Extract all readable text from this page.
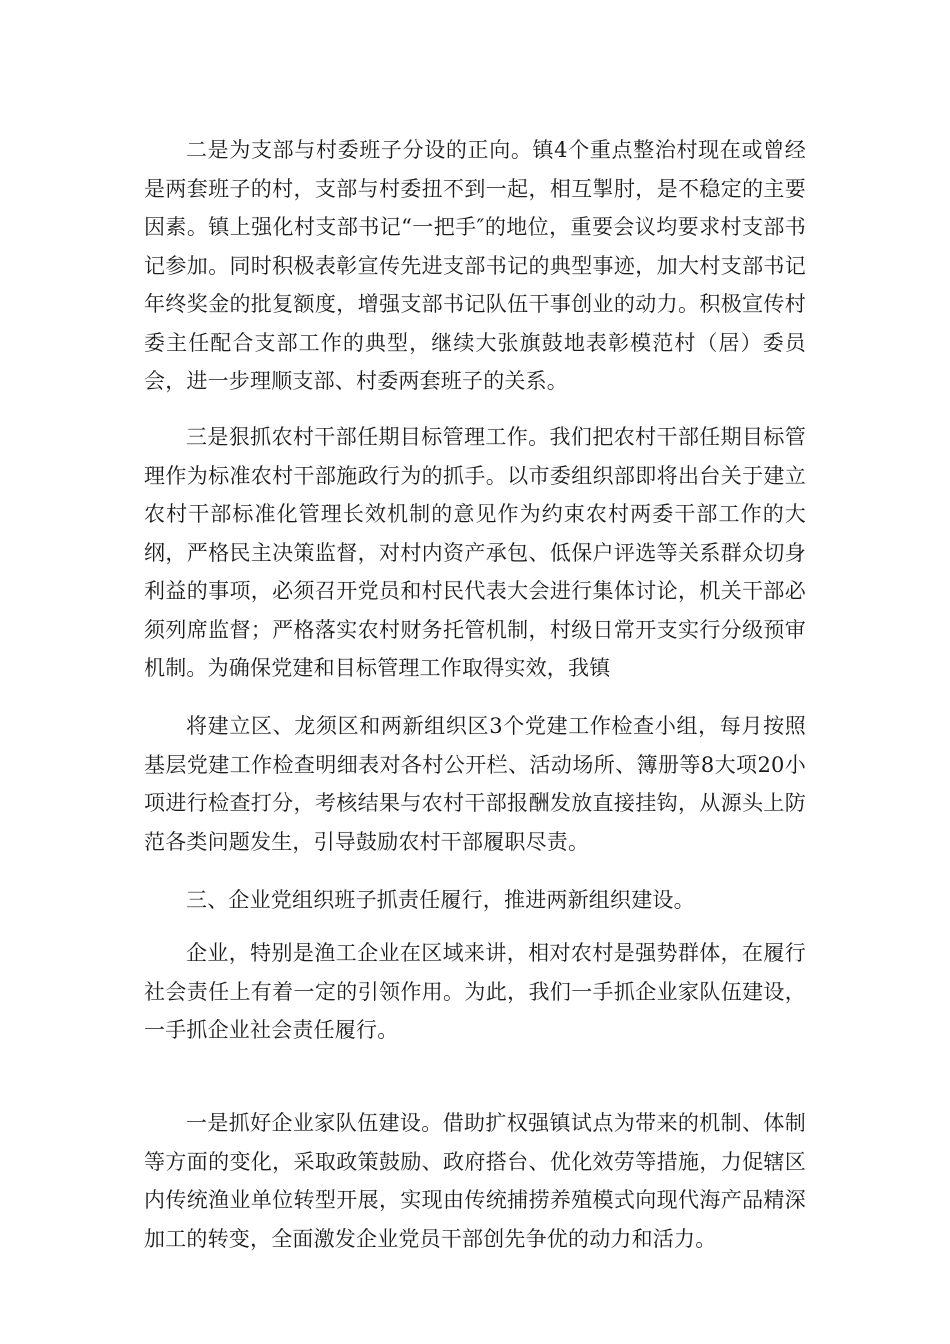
二是为支部与村委班子分设的正向。镇4个重点整治村现在或曾经是两套班子的村，支部与村委扭不到一起，相互掣肘，是不稳定的主要因素。镇上强化村支部书记“一把手″的地位，重要会议均要求村支部书记参加。同时积极表彰宣传先进支部书记的典型事迹，加大村支部书记年终奖金的批复额度，增强支部书记队伍干事创业的动力。积极宣传村委主任配合支部工作的典型，继续大张旗鼓地表彰模范村（居）委员会，进一步理顺支部、村委两套班子的关系。

三是狠抓农村干部任期目标管理工作。我们把农村干部任期目标管理作为标准农村干部施政行为的抓手。以市委组织部即将出台关于建立农村干部标准化管理长效机制的意见作为约束农村两委干部工作的大纲，严格民主决策监督，对村内资产承包、低保户评选等关系群众切身利益的事项，必须召开党员和村民代表大会进行集体讨论，机关干部必须列席监督；严格落实农村财务托管机制，村级日常开支实行分级预审机制。为确保党建和目标管理工作取得实效，我镇

将建立区、龙须区和两新组织区3个党建工作检查小组，每月按照基层党建工作检查明细表对各村公开栏、活动场所、簿册等8大项20小项进行检查打分，考核结果与农村干部报酬发放直接挂钩，从源头上防范各类问题发生，引导鼓励农村干部履职尽责。

三、企业党组织班子抓责任履行，推进两新组织建设。

企业，特别是渔工企业在区域来讲，相对农村是强势群体，在履行社会责任上有着一定的引领作用。为此，我们一手抓企业家队伍建设，一手抓企业社会责任履行。

一是抓好企业家队伍建设。借助扩权强镇试点为带来的机制、体制等方面的变化，采取政策鼓励、政府搭台、优化效劳等措施，力促辖区内传统渔业单位转型开展，实现由传统捕捞养殖模式向现代海产品精深加工的转变，全面激发企业党员干部创先争优的动力和活力。
